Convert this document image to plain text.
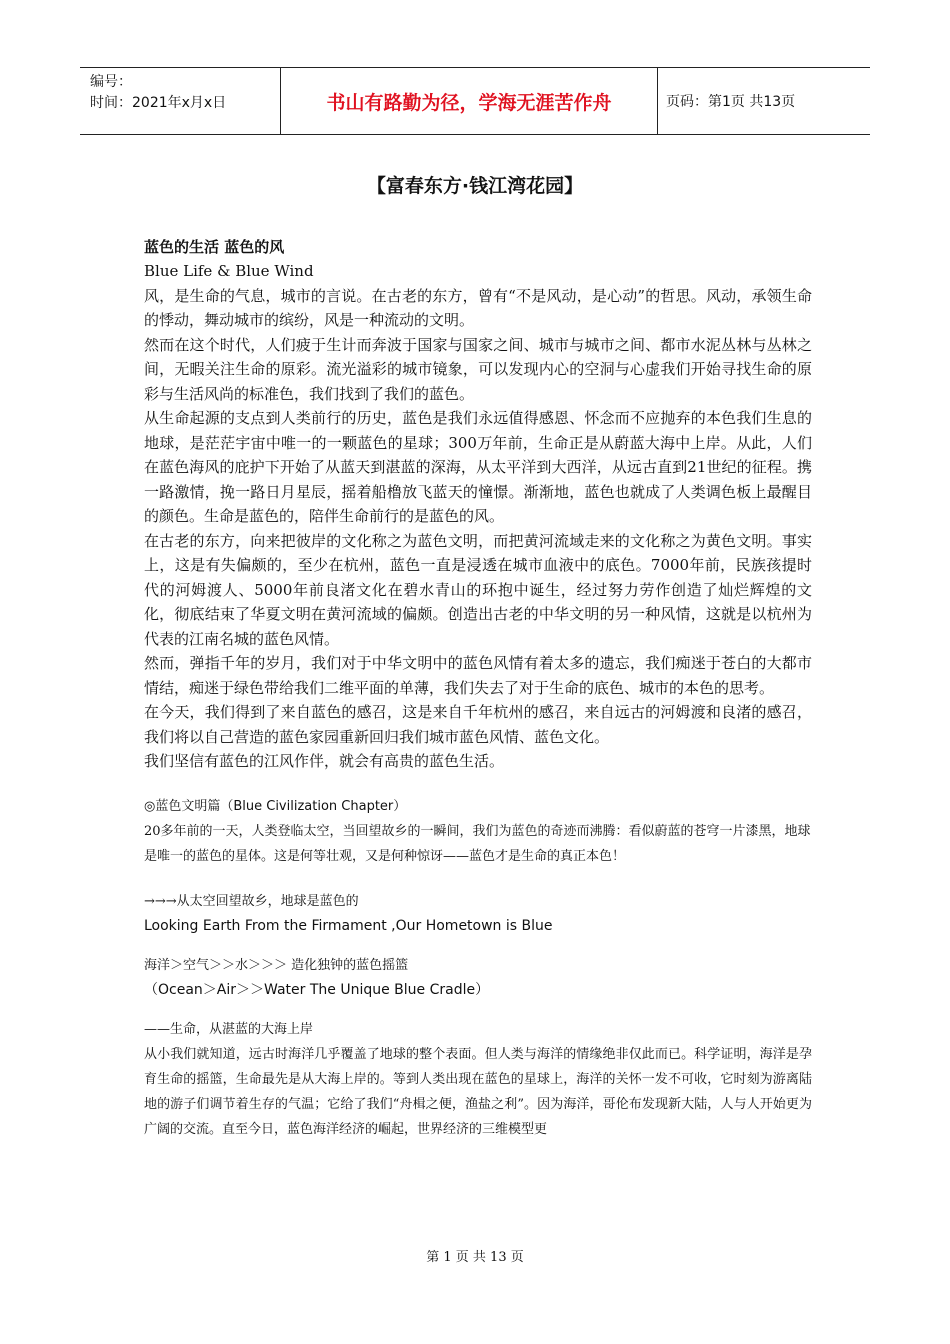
编号：
时间：2021年x月x日	书山有路勤为径，学海无涯苦作舟	页码：第1页 共13页
【富春东方·钱江湾花园】
蓝色的生活 蓝色的风

Blue Life & Blue Wind

风，是生命的气息，城市的言说。在古老的东方，曾有“不是风动，是心动”的哲思。风动，承领生命的悸动，舞动城市的缤纷，风是一种流动的文明。

然而在这个时代，人们疲于生计而奔波于国家与国家之间、城市与城市之间、都市水泥丛林与丛林之间，无暇关注生命的原彩。流光溢彩的城市镜象，可以发现内心的空洞与心虚我们开始寻找生命的原彩与生活风尚的标准色，我们找到了我们的蓝色。

从生命起源的支点到人类前行的历史，蓝色是我们永远值得感恩、怀念而不应抛弃的本色我们生息的地球，是茫茫宇宙中唯一的一颗蓝色的星球；300万年前，生命正是从蔚蓝大海中上岸。从此，人们在蓝色海风的庇护下开始了从蓝天到湛蓝的深海，从太平洋到大西洋，从远古直到21世纪的征程。携一路激情，挽一路日月星辰，摇着船橹放飞蓝天的憧憬。渐渐地，蓝色也就成了人类调色板上最醒目的颜色。生命是蓝色的，陪伴生命前行的是蓝色的风。

在古老的东方，向来把彼岸的文化称之为蓝色文明，而把黄河流域走来的文化称之为黄色文明。事实上，这是有失偏颇的，至少在杭州，蓝色一直是浸透在城市血液中的底色。7000年前，民族孩提时代的河姆渡人、5000年前良渚文化在碧水青山的环抱中诞生，经过努力劳作创造了灿烂辉煌的文化，彻底结束了华夏文明在黄河流域的偏颇。创造出古老的中华文明的另一种风情，这就是以杭州为代表的江南名城的蓝色风情。

然而，弹指千年的岁月，我们对于中华文明中的蓝色风情有着太多的遗忘，我们痴迷于苍白的大都市情结，痴迷于绿色带给我们二维平面的单薄，我们失去了对于生命的底色、城市的本色的思考。

在今天，我们得到了来自蓝色的感召，这是来自千年杭州的感召，来自远古的河姆渡和良渚的感召，我们将以自己营造的蓝色家园重新回归我们城市蓝色风情、蓝色文化。

我们坚信有蓝色的江风作伴，就会有高贵的蓝色生活。

◎蓝色文明篇（Blue Civilization Chapter）

20多年前的一天，人类登临太空，当回望故乡的一瞬间，我们为蓝色的奇迹而沸腾：看似蔚蓝的苍穹一片漆黑，地球是唯一的蓝色的星体。这是何等壮观，又是何种惊讶——蓝色才是生命的真正本色！

→→→从太空回望故乡，地球是蓝色的

Looking Earth From the Firmament ,Our Hometown is Blue

海洋＞空气＞＞水＞＞＞ 造化独钟的蓝色摇篮

（Ocean＞Air＞＞Water The Unique Blue Cradle）

——生命，从湛蓝的大海上岸

从小我们就知道，远古时海洋几乎覆盖了地球的整个表面。但人类与海洋的情缘绝非仅此而已。科学证明，海洋是孕育生命的摇篮，生命最先是从大海上岸的。等到人类出现在蓝色的星球上，海洋的关怀一发不可收，它时刻为游离陆地的游子们调节着生存的气温；它给了我们“舟楫之便，渔盐之利”。因为海洋，哥伦布发现新大陆，人与人开始更为广阔的交流。直至今日，蓝色海洋经济的崛起，世界经济的三维模型更

第 1 页 共 13 页
